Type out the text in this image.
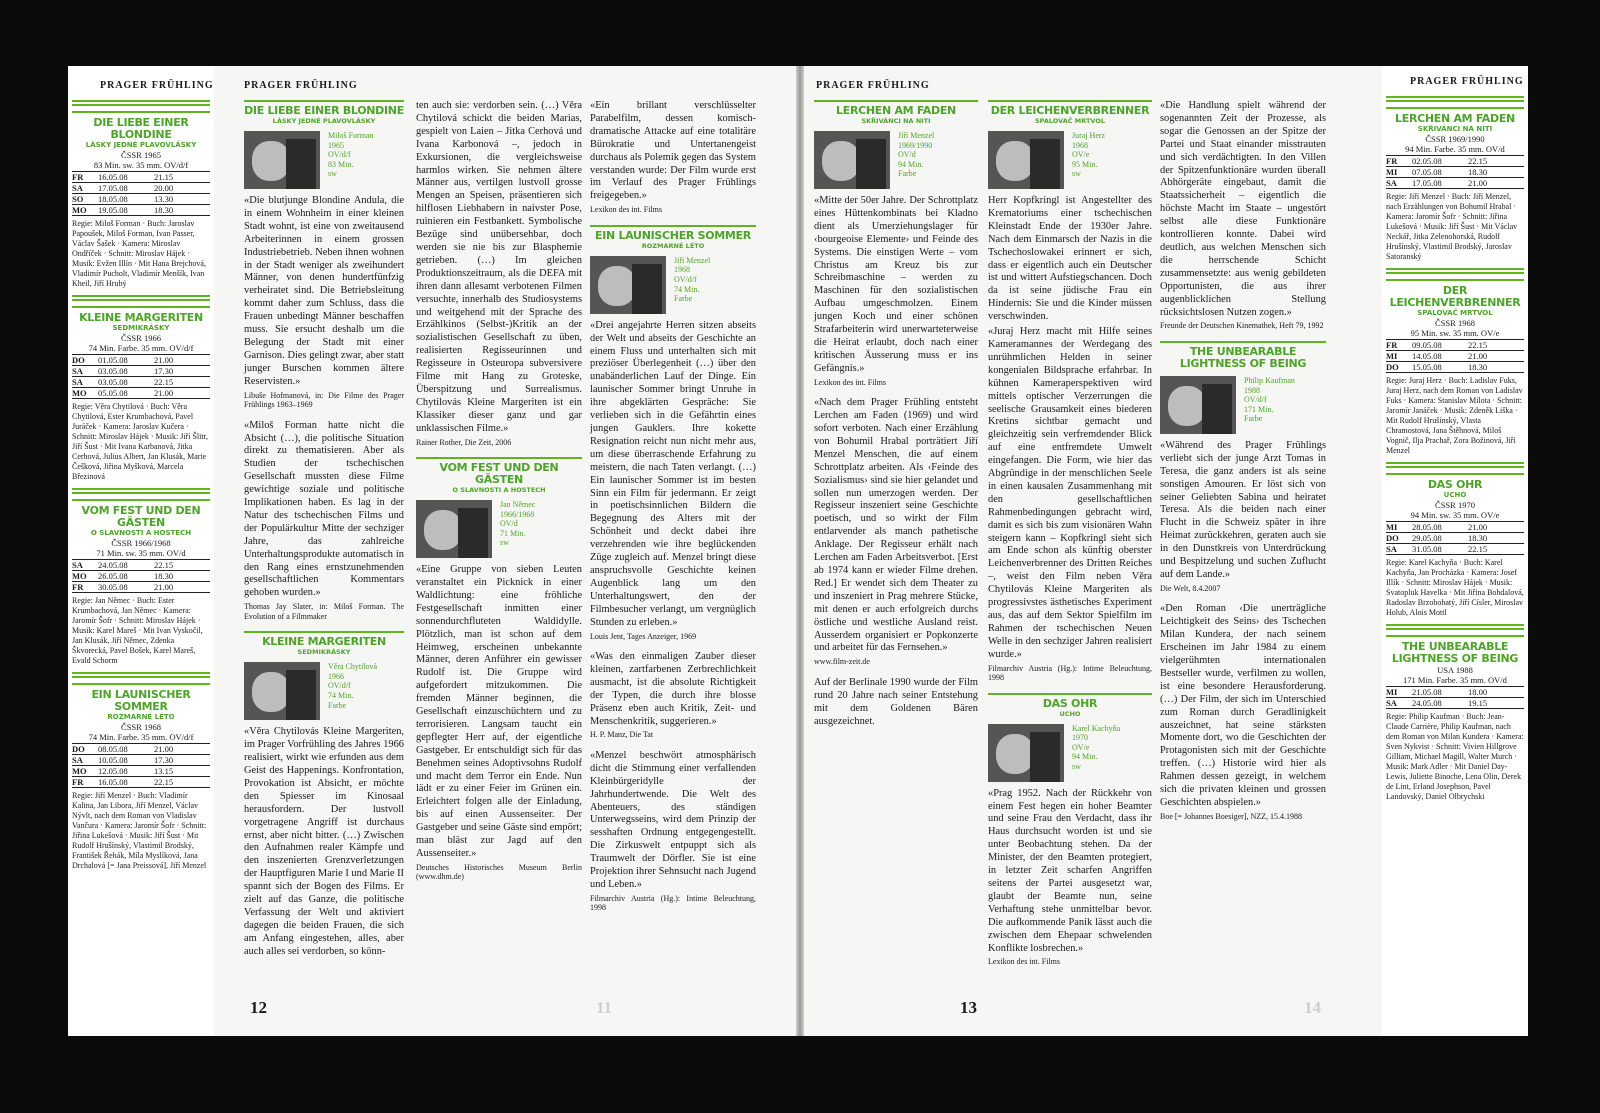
PRAGER FRÜHLING
DIE LIEBE EINER BLONDINE
LÁSKY JEDNÉ PLAVOVLÁSKY
ČSSR 1965
83 Min. sw. 35 mm. OV/d/f
FR	16.05.08	21.15
SA	17.05.08	20.00
SO	18.05.08	13.30
MO	19.05.08	18.30
Regie: Miloš Forman · Buch: Jaroslav Papoušek, Miloš Forman, Ivan Passer, Václav Šašek · Kamera: Miroslav Ondříček · Schnitt: Miroslav Hájek · Musik: Evžen Illín · Mit Hana Brejchová, Vladimír Pucholt, Vladimír Menšík, Ivan Kheil, Jiří Hrubý
KLEINE MARGERITEN
SEDMIKRÁSKY
ČSSR 1966
74 Min. Farbe. 35 mm. OV/d/f
DO	01.05.08	21.00
SA	03.05.08	17.30
SA	03.05.08	22.15
MO	05.05.08	21.00
Regie: Věra Chytilová · Buch: Věra Chytilová, Ester Krumbachová, Pavel Juráček · Kamera: Jaroslav Kučera · Schnitt: Miroslav Hájek · Musik: Jiří Šlitr, Jiří Šust · Mit Ivana Karbanová, Jitka Cerhová, Julius Albert, Jan Klusák, Marie Češková, Jiřina Myšková, Marcela Březinová
VOM FEST UND DEN GÄSTEN
O SLAVNOSTI A HOSTECH
ČSSR 1966/1968
71 Min. sw. 35 mm. OV/d
SA	24.05.08	22.15
MO	26.05.08	18.30
FR	30.05.08	21.00
Regie: Jan Němec · Buch: Ester Krumbachová, Jan Němec · Kamera: Jaromír Šofr · Schnitt: Miroslav Hájek · Musik: Karel Mareš · Mit Ivan Vyskočil, Jan Klusák, Jiří Němec, Zdenka Škvorecká, Pavel Bošek, Karel Mareš, Evald Schorm
EIN LAUNISCHER SOMMER
ROZMARNÉ LÉTO
ČSSR 1968
74 Min. Farbe. 35 mm. OV/d/f
DO	08.05.08	21.00
SA	10.05.08	17.30
MO	12.05.08	13.15
FR	16.05.08	22.15
Regie: Jiří Menzel · Buch: Vladimír Kalina, Jan Libora, Jiří Menzel, Václav Nývlt, nach dem Roman von Vladislav Vančura · Kamera: Jaromír Šofr · Schnitt: Jiřina Lukešová · Musik: Jiří Šust · Mit Rudolf Hrušínský, Vlastimil Brodský, František Řehák, Míla Myslíková, Jana Drchalová [= Jana Preissová], Jiří Menzel
PRAGER FRÜHLING
DIE LIEBE EINER BLONDINE
LÁSKY JEDNÉ PLAVOVLÁSKY
Miloš Forman
1965
OV/d/f
83 Min.
sw

«Die blutjunge Blondine Andula, die in einem Wohnheim in einer kleinen Stadt wohnt, ist eine von zweitausend Arbeiterinnen in einem grossen Industriebetrieb. Neben ihnen wohnen in der Stadt weniger als zweihundert Männer, von denen hundertfünfzig verheiratet sind. Die Betriebsleitung kommt daher zum Schluss, dass die Frauen unbedingt Männer beschaffen muss. Sie ersucht deshalb um die Belegung der Stadt mit einer Garnison. Dies gelingt zwar, aber statt junger Burschen kommen ältere Reservisten.»

Libuše Hofmanová, in: Die Filme des Prager Frühlings 1963–1969

«Miloš Forman hatte nicht die Absicht (…), die politische Situation direkt zu thematisieren. Aber als Studien der tschechischen Gesellschaft mussten diese Filme gewichtige soziale und politische Implikationen haben. Es lag in der Natur des tschechischen Films und der Populärkultur Mitte der sechziger Jahre, das zahlreiche Unterhaltungsprodukte automatisch in den Rang eines ernstzunehmenden gesellschaftlichen Kommentars gehoben wurden.»

Thomas Jay Slater, in: Miloš Forman. The Evolution of a Filmmaker
KLEINE MARGERITEN
SEDMIKRÁSKY
Věra Chytilová
1966
OV/d/f
74 Min.
Farbe

«Věra Chytilovás Kleine Margeriten, im Prager Vorfrühling des Jahres 1966 realisiert, wirkt wie erfunden aus dem Geist des Happenings. Konfrontation, Provokation ist Absicht, er möchte den Spiesser im Kinosaal herausfordern. Der lustvoll vorgetragene Angriff ist durchaus ernst, aber nicht bitter. (…) Zwischen den Aufnahmen realer Kämpfe und den inszenierten Grenzverletzungen der Hauptfiguren Marie I und Marie II spannt sich der Bogen des Films. Er zielt auf das Ganze, die politische Verfassung der Welt und aktiviert dagegen die beiden Frauen, die sich am Anfang eingestehen, alles, aber auch alles sei verdorben, so könn-

ten auch sie: verdorben sein. (…) Věra Chytilová schickt die beiden Marias, gespielt von Laien – Jitka Cerhová und Ivana Karbonová –, jedoch in Exkursionen, die vergleichsweise harmlos wirken. Sie nehmen ältere Männer aus, vertilgen lustvoll grosse Mengen an Speisen, präsentieren sich hilflosen Liebhabern in naivster Pose, ruinieren ein Festbankett. Symbolische Bezüge sind unübersehbar, doch werden sie nie bis zur Blasphemie getrieben. (…) Im gleichen Produktionszeitraum, als die DEFA mit ihren dann allesamt verbotenen Filmen versuchte, innerhalb des Studiosystems und weitgehend mit der Sprache des Erzählkinos (Selbst-)Kritik an der sozialistischen Gesellschaft zu üben, realisierten Regisseurinnen und Regisseure in Osteuropa subversivere Filme mit Hang zu Groteske, Überspitzung und Surrealismus. Chytilovás Kleine Margeriten ist ein Klassiker dieser ganz und gar unklassischen Filme.»

Rainer Rother, Die Zeit, 2006
VOM FEST UND DEN GÄSTEN
O SLAVNOSTI A HOSTECH
Jan Němec
1966/1968
OV/d
71 Min.
sw

«Eine Gruppe von sieben Leuten veranstaltet ein Picknick in einer Waldlichtung: eine fröhliche Festgesellschaft inmitten einer sonnendurchfluteten Waldidylle. Plötzlich, man ist schon auf dem Heimweg, erscheinen unbekannte Männer, deren Anführer ein gewisser Rudolf ist. Die Gruppe wird aufgefordert mitzukommen. Die fremden Männer beginnen, die Gesellschaft einzuschüchtern und zu terrorisieren. Langsam taucht ein gepflegter Herr auf, der eigentliche Gastgeber. Er entschuldigt sich für das Benehmen seines Adoptivsohns Rudolf und macht dem Terror ein Ende. Nun lädt er zu einer Feier im Grünen ein. Erleichtert folgen alle der Einladung, bis auf einen Aussenseiter. Der Gastgeber und seine Gäste sind empört; man bläst zur Jagd auf den Aussenseiter.»

Deutsches Historisches Museum Berlin (www.dhm.de)

«Ein brillant verschlüsselter Parabelfilm, dessen komisch-dramatische Attacke auf eine totalitäre Bürokratie und Untertanengeist durchaus als Polemik gegen das System verstanden wurde: Der Film wurde erst im Verlauf des Prager Frühlings freigegeben.»

Lexikon des int. Films
EIN LAUNISCHER SOMMER
ROZMARNÉ LÉTO
Jiří Menzel
1968
OV/d/f
74 Min.
Farbe

«Drei angejahrte Herren sitzen abseits der Welt und abseits der Geschichte an einem Fluss und unterhalten sich mit preziöser Überlegenheit (…) über den unabänderlichen Lauf der Dinge. Ein launischer Sommer bringt Unruhe in ihre abgeklärten Gespräche: Sie verlieben sich in die Gefährtin eines jungen Gauklers. Ihre kokette Resignation reicht nun nicht mehr aus, um diese überraschende Erfahrung zu meistern, die nach Taten verlangt. (…) Ein launischer Sommer ist im besten Sinn ein Film für jedermann. Er zeigt in poetischsinnlichen Bildern die Begegnung des Alters mit der Schönheit und deckt dabei ihre verzehrenden wie ihre beglückenden Züge zugleich auf. Menzel bringt diese anspruchsvolle Geschichte keinen Augenblick lang um den Unterhaltungswert, den der Filmbesucher verlangt, um vergnüglich Stunden zu erleben.»

Louis Jent, Tages Anzeiger, 1969

«Was den einmaligen Zauber dieser kleinen, zartfarbenen Zerbrechlichkeit ausmacht, ist die absolute Richtigkeit der Typen, die durch ihre blosse Präsenz eben auch Kritik, Zeit- und Menschenkritik, suggerieren.»

H. P. Manz, Die Tat

«Menzel beschwört atmosphärisch dicht die Stimmung einer verfallenden Kleinbürgeridylle der Jahrhundertwende. Die Welt des Abenteuers, des ständigen Unterwegsseins, wird dem Prinzip der sesshaften Ordnung entgegengestellt. Die Zirkuswelt entpuppt sich als Traumwelt der Dörfler. Sie ist eine Projektion ihrer Sehnsucht nach Jugend und Leben.»

Filmarchiv Austria (Hg.): Intime Beleuchtung, 1998
12	11
PRAGER FRÜHLING
LERCHEN AM FADEN
SKŘIVÁNCI NA NITI
Jiří Menzel
1969/1990
OV/d
94 Min.
Farbe

«Mitte der 50er Jahre. Der Schrottplatz eines Hüttenkombinats bei Kladno dient als Umerziehungslager für ‹bourgeoise Elemente› und Feinde des Systems. Die einstigen Werte – vom Christus am Kreuz bis zur Schreibmaschine – werden zu Maschinen für den sozialistischen Aufbau umgeschmolzen. Einem jungen Koch und einer schönen Strafarbeiterin wird unerwarteterweise die Heirat erlaubt, doch nach einer kritischen Äusserung muss er ins Gefängnis.»

Lexikon des int. Films

«Nach dem Prager Frühling entsteht Lerchen am Faden (1969) und wird sofort verboten. Nach einer Erzählung von Bohumil Hrabal porträtiert Jiří Menzel Menschen, die auf einem Schrottplatz arbeiten. Als ‹Feinde des Sozialismus› sind sie hier gelandet und sollen nun umerzogen werden. Der Regisseur inszeniert seine Geschichte poetisch, und so wirkt der Film entlarvender als manch pathetische Anklage. Der Regisseur erhält nach Lerchen am Faden Arbeitsverbot. [Erst ab 1974 kann er wieder Filme drehen. Red.] Er wendet sich dem Theater zu und inszeniert in Prag mehrere Stücke, mit denen er auch erfolgreich durchs östliche und westliche Ausland reist. Ausserdem organisiert er Popkonzerte und arbeitet für das Fernsehen.»

www.film-zeit.de

Auf der Berlinale 1990 wurde der Film rund 20 Jahre nach seiner Entstehung mit dem Goldenen Bären ausgezeichnet.

DER LEICHENVERBRENNER
SPALOVAČ MRTVOL
Juraj Herz
1968
OV/e
95 Min.
sw

Herr Kopfkringl ist Angestellter des Krematoriums einer tschechischen Kleinstadt Ende der 1930er Jahre. Nach dem Einmarsch der Nazis in die Tschechoslowakei erinnert er sich, dass er eigentlich auch ein Deutscher ist und wittert Aufstiegschancen. Doch da ist seine jüdische Frau ein Hindernis: Sie und die Kinder müssen verschwinden.

«Juraj Herz macht mit Hilfe seines Kameramannes der Werdegang des unrühmlichen Helden in seiner kongenialen Bildsprache erfahrbar. In kühnen Kameraperspektiven wird mittels optischer Verzerrungen die seelische Grausamkeit eines biederen Kretins sichtbar gemacht und gleichzeitig sein verfremdender Blick auf eine entfremdete Umwelt eingefangen. Die Form, wie hier das Abgründige in der menschlichen Seele in einen kausalen Zusammenhang mit den gesellschaftlichen Rahmenbedingungen gebracht wird, damit es sich bis zum visionären Wahn steigern kann – Kopfkringl sieht sich am Ende schon als künftig oberster Leichenverbrenner des Dritten Reiches –, weist den Film neben Věra Chytilovás Kleine Margeriten als progressivstes ästhetisches Experiment aus, das auf dem Sektor Spielfilm im Rahmen der tschechischen Neuen Welle in den sechziger Jahren realisiert wurde.»

Filmarchiv Austria (Hg.): Intime Beleuchtung, 1998
DAS OHR
UCHO
Karel Kachyňa
1970
OV/e
94 Min.
sw

«Prag 1952. Nach der Rückkehr von einem Fest hegen ein hoher Beamter und seine Frau den Verdacht, dass ihr Haus durchsucht worden ist und sie unter Beobachtung stehen. Da der Minister, der den Beamten protegiert, in letzter Zeit scharfen Angriffen seitens der Partei ausgesetzt war, glaubt der Beamte nun, seine Verhaftung stehe unmittelbar bevor. Die aufkommende Panik lässt auch die zwischen dem Ehepaar schwelenden Konflikte losbrechen.»

Lexikon des int. Films

«Die Handlung spielt während der sogenannten Zeit der Prozesse, als sogar die Genossen an der Spitze der Partei und Staat einander misstrauten und sich verdächtigten. In den Villen der Spitzenfunktionäre wurden überall Abhörgeräte eingebaut, damit die Staatssicherheit – eigentlich die höchste Macht im Staate – ungestört selbst alle diese Funktionäre kontrollieren konnte. Dabei wird deutlich, aus welchen Menschen sich die herrschende Schicht zusammensetzte: aus wenig gebildeten Opportunisten, die aus ihrer augenblicklichen Stellung rücksichtslosen Nutzen zogen.»

Freunde der Deutschen Kinemathek, Heft 79, 1992
THE UNBEARABLE LIGHTNESS OF BEING
Philip Kaufman
1988
OV/d/f
171 Min.
Farbe

«Während des Prager Frühlings verliebt sich der junge Arzt Tomas in Teresa, die ganz anders ist als seine sonstigen Amouren. Er löst sich von seiner Geliebten Sabina und heiratet Teresa. Als die beiden nach einer Flucht in die Schweiz später in ihre Heimat zurückkehren, geraten auch sie in den Dunstkreis von Unterdrückung und Bespitzelung und suchen Zuflucht auf dem Lande.»

Die Welt, 8.4.2007

«Den Roman ‹Die unerträgliche Leichtigkeit des Seins› des Tschechen Milan Kundera, der nach seinem Erscheinen im Jahr 1984 zu einem vielgerühmten internationalen Bestseller wurde, verfilmen zu wollen, ist eine besondere Herausforderung. (…) Der Film, der sich im Unterschied zum Roman durch Geradlinigkeit auszeichnet, hat seine stärksten Momente dort, wo die Geschichten der Protagonisten sich mit der Geschichte treffen. (…) Historie wird hier als Rahmen dessen gezeigt, in welchem sich die privaten kleinen und grossen Geschichten abspielen.»

Boe [= Johannes Boesiger], NZZ, 15.4.1988
PRAGER FRÜHLING
LERCHEN AM FADEN
SKŘIVÁNCI NA NITI
ČSSR 1969/1990
94 Min. Farbe. 35 mm. OV/d
FR	02.05.08	22.15
MI	07.05.08	18.30
SA	17.05.08	21.00
Regie: Jiří Menzel · Buch: Jiří Menzel, nach Erzählungen von Bohumil Hrabal · Kamera: Jaromír Šofr · Schnitt: Jiřina Lukešová · Musik: Jiří Šust · Mit Václav Neckář, Jitka Zelenohorská, Rudolf Hrušínský, Vlastimil Brodský, Jaroslav Satoranský
DER LEICHENVERBRENNER
SPALOVAČ MRTVOL
ČSSR 1968
95 Min. sw. 35 mm. OV/e
FR	09.05.08	22.15
MI	14.05.08	21.00
DO	15.05.08	18.30
Regie: Juraj Herz · Buch: Ladislav Fuks, Juraj Herz, nach dem Roman von Ladislav Fuks · Kamera: Stanislav Milota · Schnitt: Jaromír Janáček · Musik: Zdeněk Liška · Mit Rudolf Hrušínský, Vlasta Chramostová, Jana Štěhnová, Miloš Vognič, Ilja Prachař, Zora Božinová, Jiří Menzel
DAS OHR
UCHO
ČSSR 1970
94 Min. sw. 35 mm. OV/e
MI	28.05.08	21.00
DO	29.05.08	18.30
SA	31.05.08	22.15
Regie: Karel Kachyňa · Buch: Karel Kachyňa, Jan Procházka · Kamera: Josef Illík · Schnitt: Miroslav Hájek · Musik: Svatopluk Havelka · Mit Jiřina Bohdalová, Radoslav Brzobohatý, Jiří Císler, Miroslav Holub, Alois Mottl
THE UNBEARABLE LIGHTNESS OF BEING
USA 1988
171 Min. Farbe. 35 mm. OV/d
MI	21.05.08	18.00
SA	24.05.08	19.15
Regie: Philip Kaufman · Buch: Jean-Claude Carrière, Philip Kaufman, nach dem Roman von Milan Kundera · Kamera: Sven Nykvist · Schnitt: Vivien Hillgrove Gilliam, Michael Magill, Walter Murch · Musik: Mark Adler · Mit Daniel Day-Lewis, Juliette Binoche, Lena Olin, Derek de Lint, Erland Josephson, Pavel Landovský, Daniel Olbrychski
13	14
